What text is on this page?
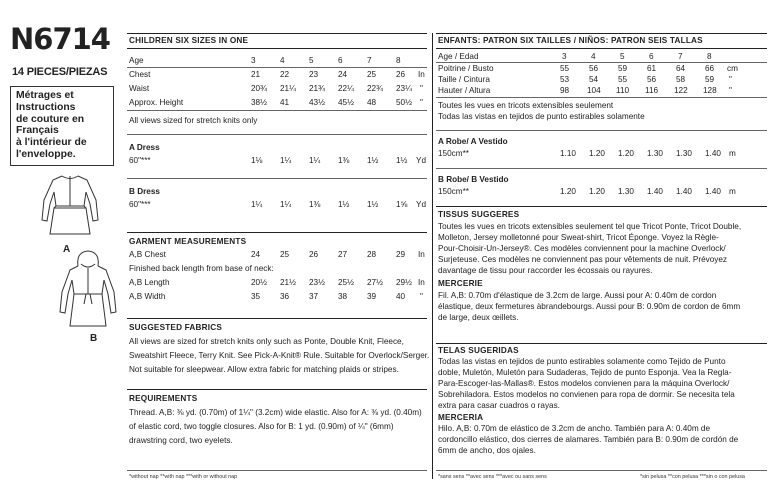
N6714
14 PIECES/PIEZAS
Métrages et
Instructions
de couture en
Français
à l'intérieur de
l'enveloppe.
A
B
CHILDREN SIX SIZES IN ONE
Age	3	4	5	6	7	8
Chest	21 22 23 24 25 26 In
Waist	20¾ 21¼ 21¾ 22¼ 22¾ 23¼ "
Approx. Height	38½ 41 43½ 45½ 48 50½ "
All views sized for stretch knits only
A Dress
60"***	1⅛ 1¼ 1¼ 1⅜ 1½ 1½ Yd
B Dress
60"***	1¼ 1¼ 1⅜ 1½ 1½ 1⅝ Yd
GARMENT MEASUREMENTS
A,B Chest	24 25 26 27 28 29 In
Finished back length from base of neck:
A,B Length	20½ 21½ 23½ 25½ 27½ 29½ In
A,B Width	35 36 37 38 39 40 "
SUGGESTED FABRICS
All views are sized for stretch knits only such as Ponte, Double Knit, Fleece,
Sweatshirt Fleece, Terry Knit. See Pick-A-Knit® Rule. Suitable for Overlock/Serger.
Not suitable for sleepwear. Allow extra fabric for matching plaids or stripes.
REQUIREMENTS
Thread. A,B: ⅜ yd. (0.70m) of 1¼" (3.2cm) wide elastic. Also for A: ⅜ yd. (0.40m)
of elastic cord, two toggle closures. Also for B: 1 yd. (0.90m) of ¼" (6mm)
drawstring cord, two eyelets.
*without nap **with nap ***with or without nap
ENFANTS: PATRON SIX TAILLES / NIÑOS: PATRON SEIS TALLAS
Age / Edad	3	4	5	6	7	8
Poitrine / Busto	55 56 59 61 64 66 cm
Taille / Cintura	53 54 55 56 58 59 "
Hauter / Altura	98 104 110 116 122 128 "
Toutes les vues en tricots extensibles seulement
Todas las vistas en tejidos de punto estirables solamente
A Robe/ A Vestido
150cm**	1.10 1.20 1.20 1.30 1.30 1.40 m
B Robe/ B Vestido
150cm**	1.20 1.20 1.30 1.40 1.40 1.40 m
TISSUS SUGGERES
Toutes les vues en tricots extensibles seulement tel que Tricot Ponte, Tricot Double,
Molleton, Jersey molletonné pour Sweat-shirt, Tricot Éponge. Voyez la Règle-
Pour-Choisir-Un-Jersey®. Ces modèles conviennent pour la machine Overlock/
Surjeteuse. Ces modèles ne conviennent pas pour vêtements de nuit. Prévoyez
davantage de tissu pour raccorder les écossais ou rayures.
MERCERIE
Fil. A,B: 0.70m d'élastique de 3.2cm de large. Aussi pour A: 0.40m de cordon
élastique, deux fermetures àbrandebourgs. Aussi pour B: 0.90m de cordon de 6mm
de large, deux œillets.
TELAS SUGERIDAS
Todas las vistas en tejidos de punto estirables solamente como Tejido de Punto
doble, Muletón, Muletón para Sudaderas, Tejido de punto Esponja. Vea la Regla-
Para-Escoger-las-Mallas®. Estos modelos convienen para la máquina Overlock/
Sobrehiladora. Estos modelos no convienen para ropa de dormir. Se necesita tela
extra para casar cuadros o rayas.
MERCERIA
Hilo. A,B: 0.70m de elástico de 3.2cm de ancho. También para A: 0.40m de
cordoncillo elástico, dos cierres de alamares. También para B: 0.90m de cordón de
6mm de ancho, dos ojales.
*sans sens **avec sens ***avec ou sans sens	*sin pelusa **con pelusa ***sin o con pelusa
